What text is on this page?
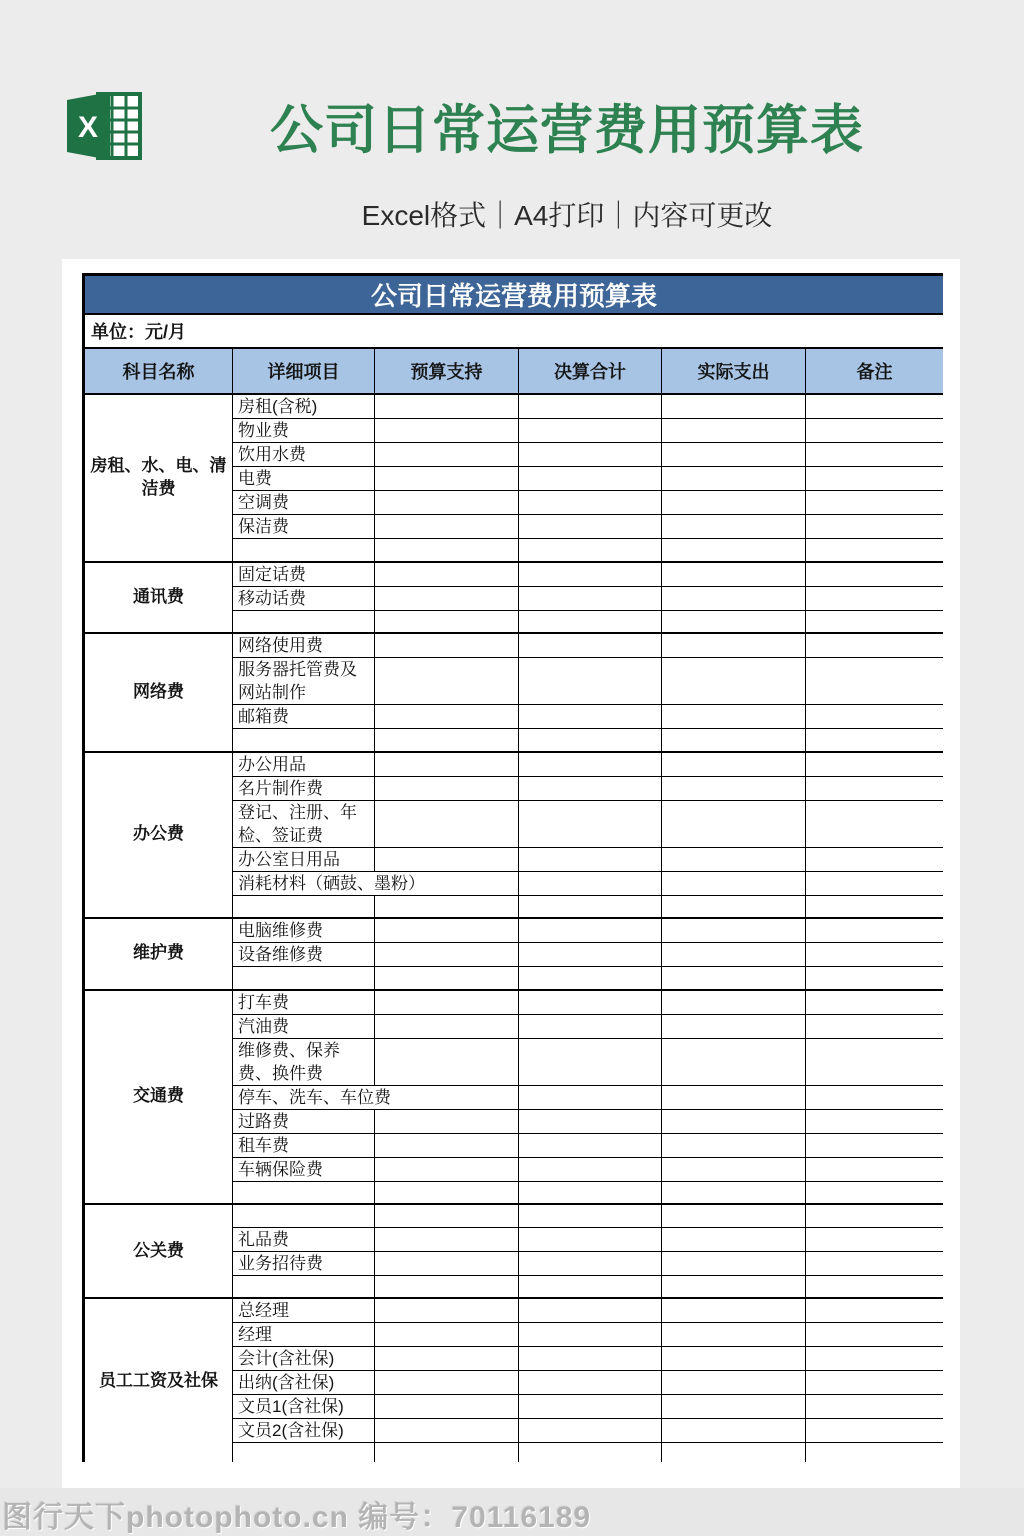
X	公司日常运营费用预算表
Excel格式｜A4打印｜内容可更改
公司日常运营费用预算表					
单位：元/月					
科目名称	详细项目	预算支持	决算合计	实际支出	备注
房租、水、电、清洁费	房租(含税)				
	物业费				
	饮用水费				
	电费				
	空调费				
	保洁费				

通讯费	固定话费				
	移动话费				

网络费	网络使用费				
	服务器托管费及网站制作				
	邮箱费				

办公费	办公用品				
	名片制作费				
	登记、注册、年检、签证费				
	办公室日用品				
	消耗材料（硒鼓、墨粉）				

维护费	电脑维修费				
	设备维修费				

交通费	打车费				
	汽油费				
	维修费、保养费、换件费				
	停车、洗车、车位费				
	过路费				
	租车费				
	车辆保险费				

公关费					
	礼品费				
	业务招待费				

员工工资及社保	总经理				
	经理				
	会计(含社保)				
	出纳(含社保)				
	文员1(含社保)				
	文员2(含社保)				

图行天下photophoto.cn 编号：70116189
